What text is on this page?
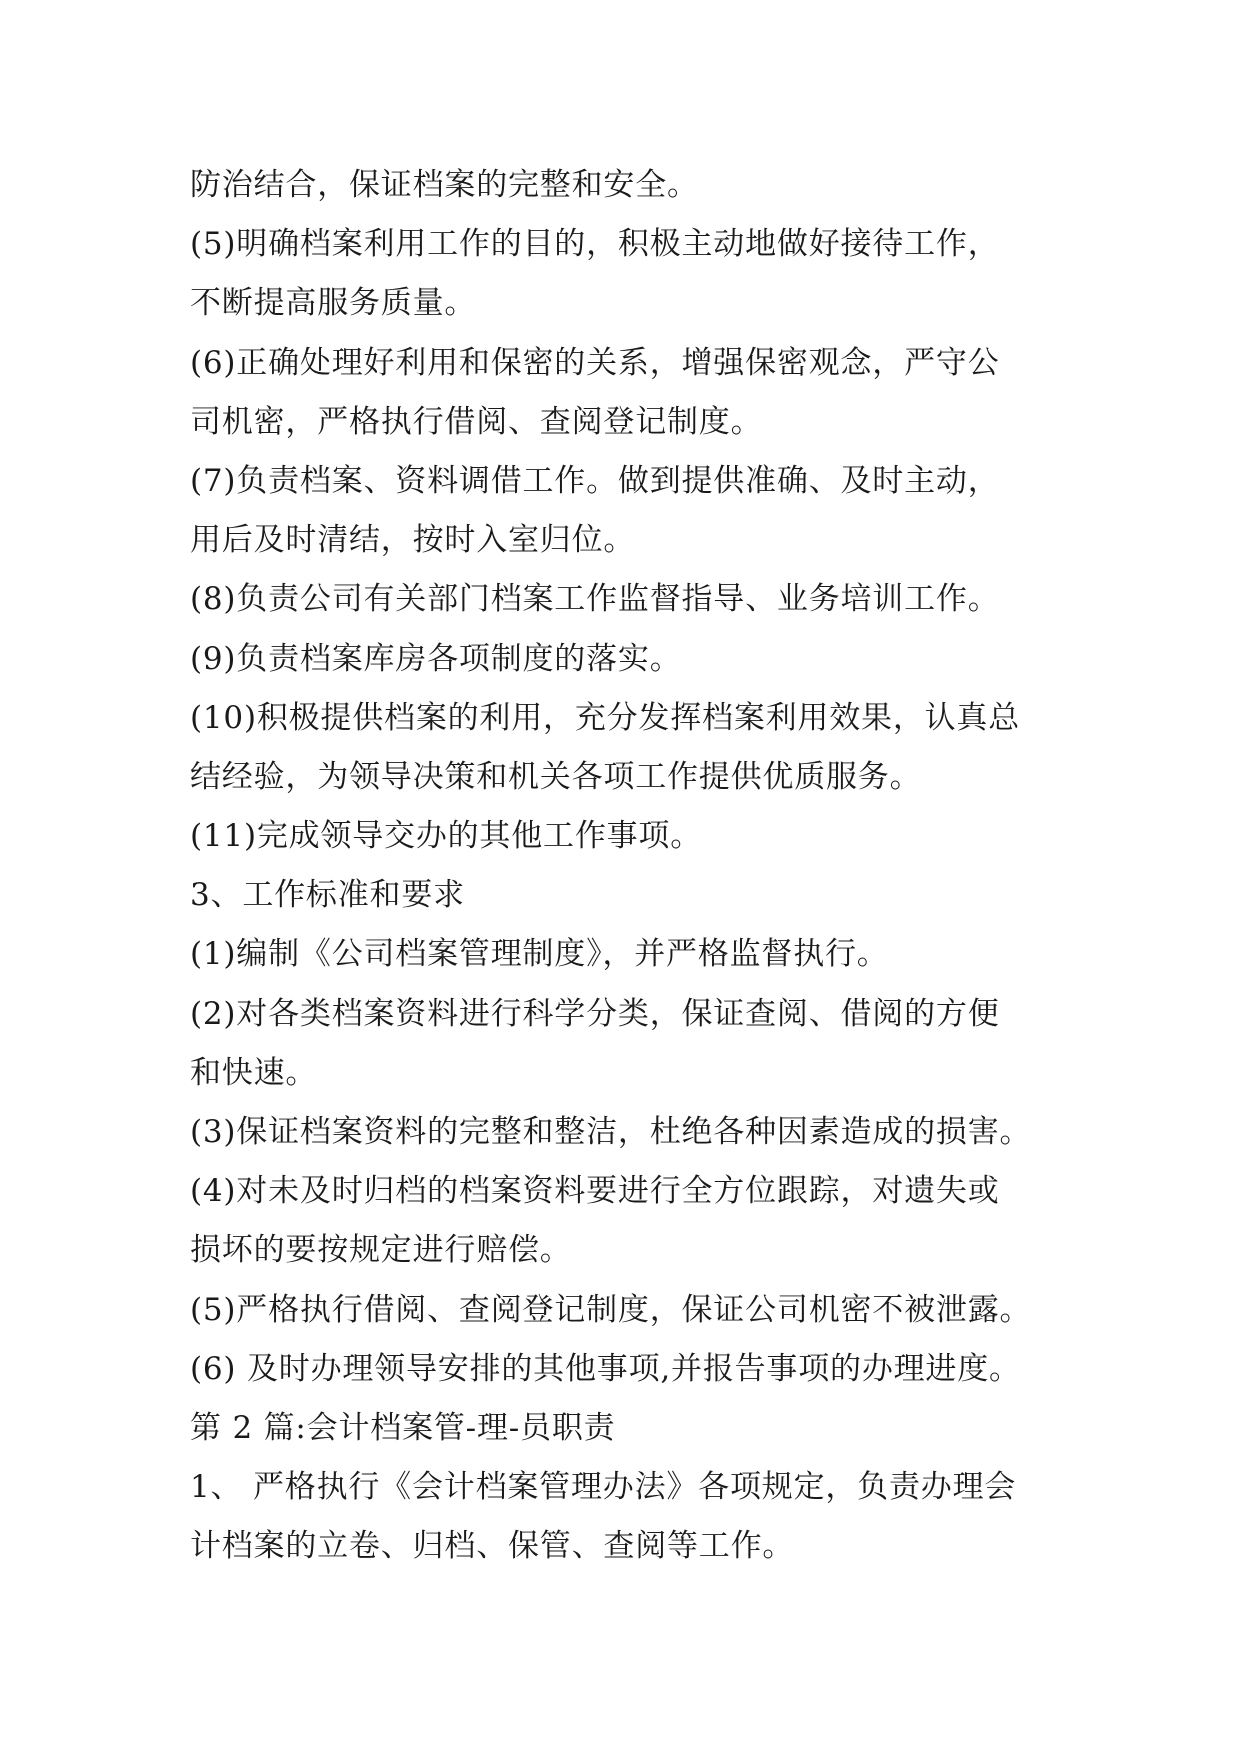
防治结合，保证档案的完整和安全。
(5)明确档案利用工作的目的，积极主动地做好接待工作，
不断提高服务质量。
(6)正确处理好利用和保密的关系，增强保密观念，严守公
司机密，严格执行借阅、查阅登记制度。
(7)负责档案、资料调借工作。做到提供准确、及时主动，
用后及时清结，按时入室归位。
(8)负责公司有关部门档案工作监督指导、业务培训工作。
(9)负责档案库房各项制度的落实。
(10)积极提供档案的利用，充分发挥档案利用效果，认真总
结经验，为领导决策和机关各项工作提供优质服务。
(11)完成领导交办的其他工作事项。
3、工作标准和要求
(1)编制《公司档案管理制度》，并严格监督执行。
(2)对各类档案资料进行科学分类，保证查阅、借阅的方便
和快速。
(3)保证档案资料的完整和整洁，杜绝各种因素造成的损害。
(4)对未及时归档的档案资料要进行全方位跟踪，对遗失或
损坏的要按规定进行赔偿。
(5)严格执行借阅、查阅登记制度，保证公司机密不被泄露。
(6) 及时办理领导安排的其他事项,并报告事项的办理进度。
第 2 篇:会计档案管-理-员职责
1、 严格执行《会计档案管理办法》各项规定，负责办理会
计档案的立卷、归档、保管、查阅等工作。
